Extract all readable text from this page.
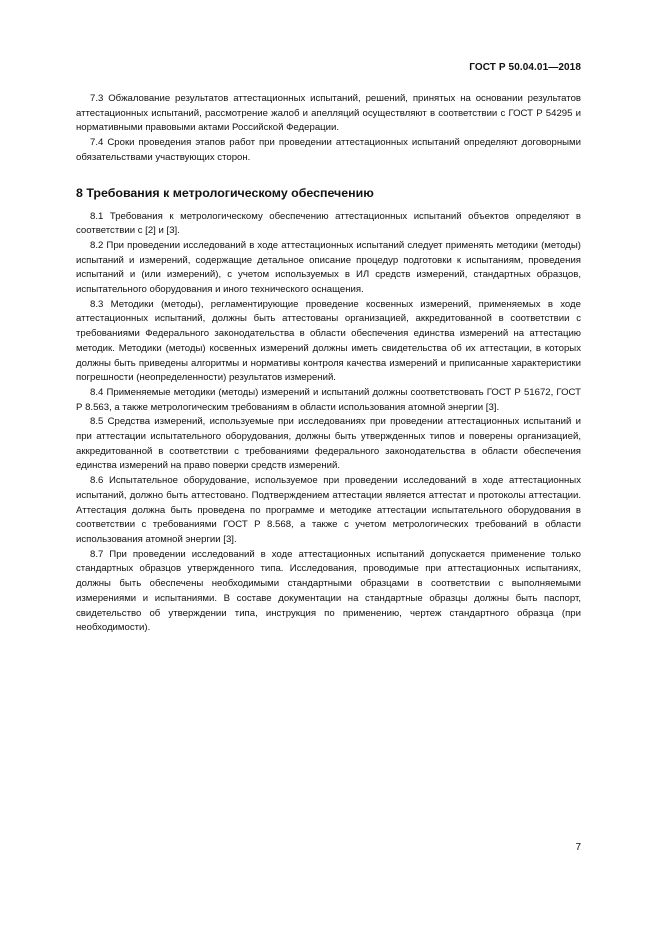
ГОСТ Р 50.04.01—2018

7.3 Обжалование результатов аттестационных испытаний, решений, принятых на основании результатов аттестационных испытаний, рассмотрение жалоб и апелляций осуществляют в соответствии с ГОСТ Р 54295 и нормативными правовыми актами Российской Федерации.

7.4 Сроки проведения этапов работ при проведении аттестационных испытаний определяют договорными обязательствами участвующих сторон.

8 Требования к метрологическому обеспечению

8.1 Требования к метрологическому обеспечению аттестационных испытаний объектов определяют в соответствии с [2] и [3].

8.2 При проведении исследований в ходе аттестационных испытаний следует применять методики (методы) испытаний и измерений, содержащие детальное описание процедур подготовки к испытаниям, проведения испытаний и (или измерений), с учетом используемых в ИЛ средств измерений, стандартных образцов, испытательного оборудования и иного технического оснащения.

8.3 Методики (методы), регламентирующие проведение косвенных измерений, применяемых в ходе аттестационных испытаний, должны быть аттестованы организацией, аккредитованной в соответствии с требованиями Федерального законодательства в области обеспечения единства измерений на аттестацию методик. Методики (методы) косвенных измерений должны иметь свидетельства об их аттестации, в которых должны быть приведены алгоритмы и нормативы контроля качества измерений и приписанные характеристики погрешности (неопределенности) результатов измерений.

8.4 Применяемые методики (методы) измерений и испытаний должны соответствовать ГОСТ Р 51672, ГОСТ Р 8.563, а также метрологическим требованиям в области использования атомной энергии [3].

8.5 Средства измерений, используемые при исследованиях при проведении аттестационных испытаний и при аттестации испытательного оборудования, должны быть утвержденных типов и поверены организацией, аккредитованной в соответствии с требованиями федерального законодательства в области обеспечения единства измерений на право поверки средств измерений.

8.6 Испытательное оборудование, используемое при проведении исследований в ходе аттестационных испытаний, должно быть аттестовано. Подтверждением аттестации является аттестат и протоколы аттестации. Аттестация должна быть проведена по программе и методике аттестации испытательного оборудования в соответствии с требованиями ГОСТ Р 8.568, а также с учетом метрологических требований в области использования атомной энергии [3].

8.7 При проведении исследований в ходе аттестационных испытаний допускается применение только стандартных образцов утвержденного типа. Исследования, проводимые при аттестационных испытаниях, должны быть обеспечены необходимыми стандартными образцами в соответствии с выполняемыми измерениями и испытаниями. В составе документации на стандартные образцы должны быть паспорт, свидетельство об утверждении типа, инструкция по применению, чертеж стандартного образца (при необходимости).

7
